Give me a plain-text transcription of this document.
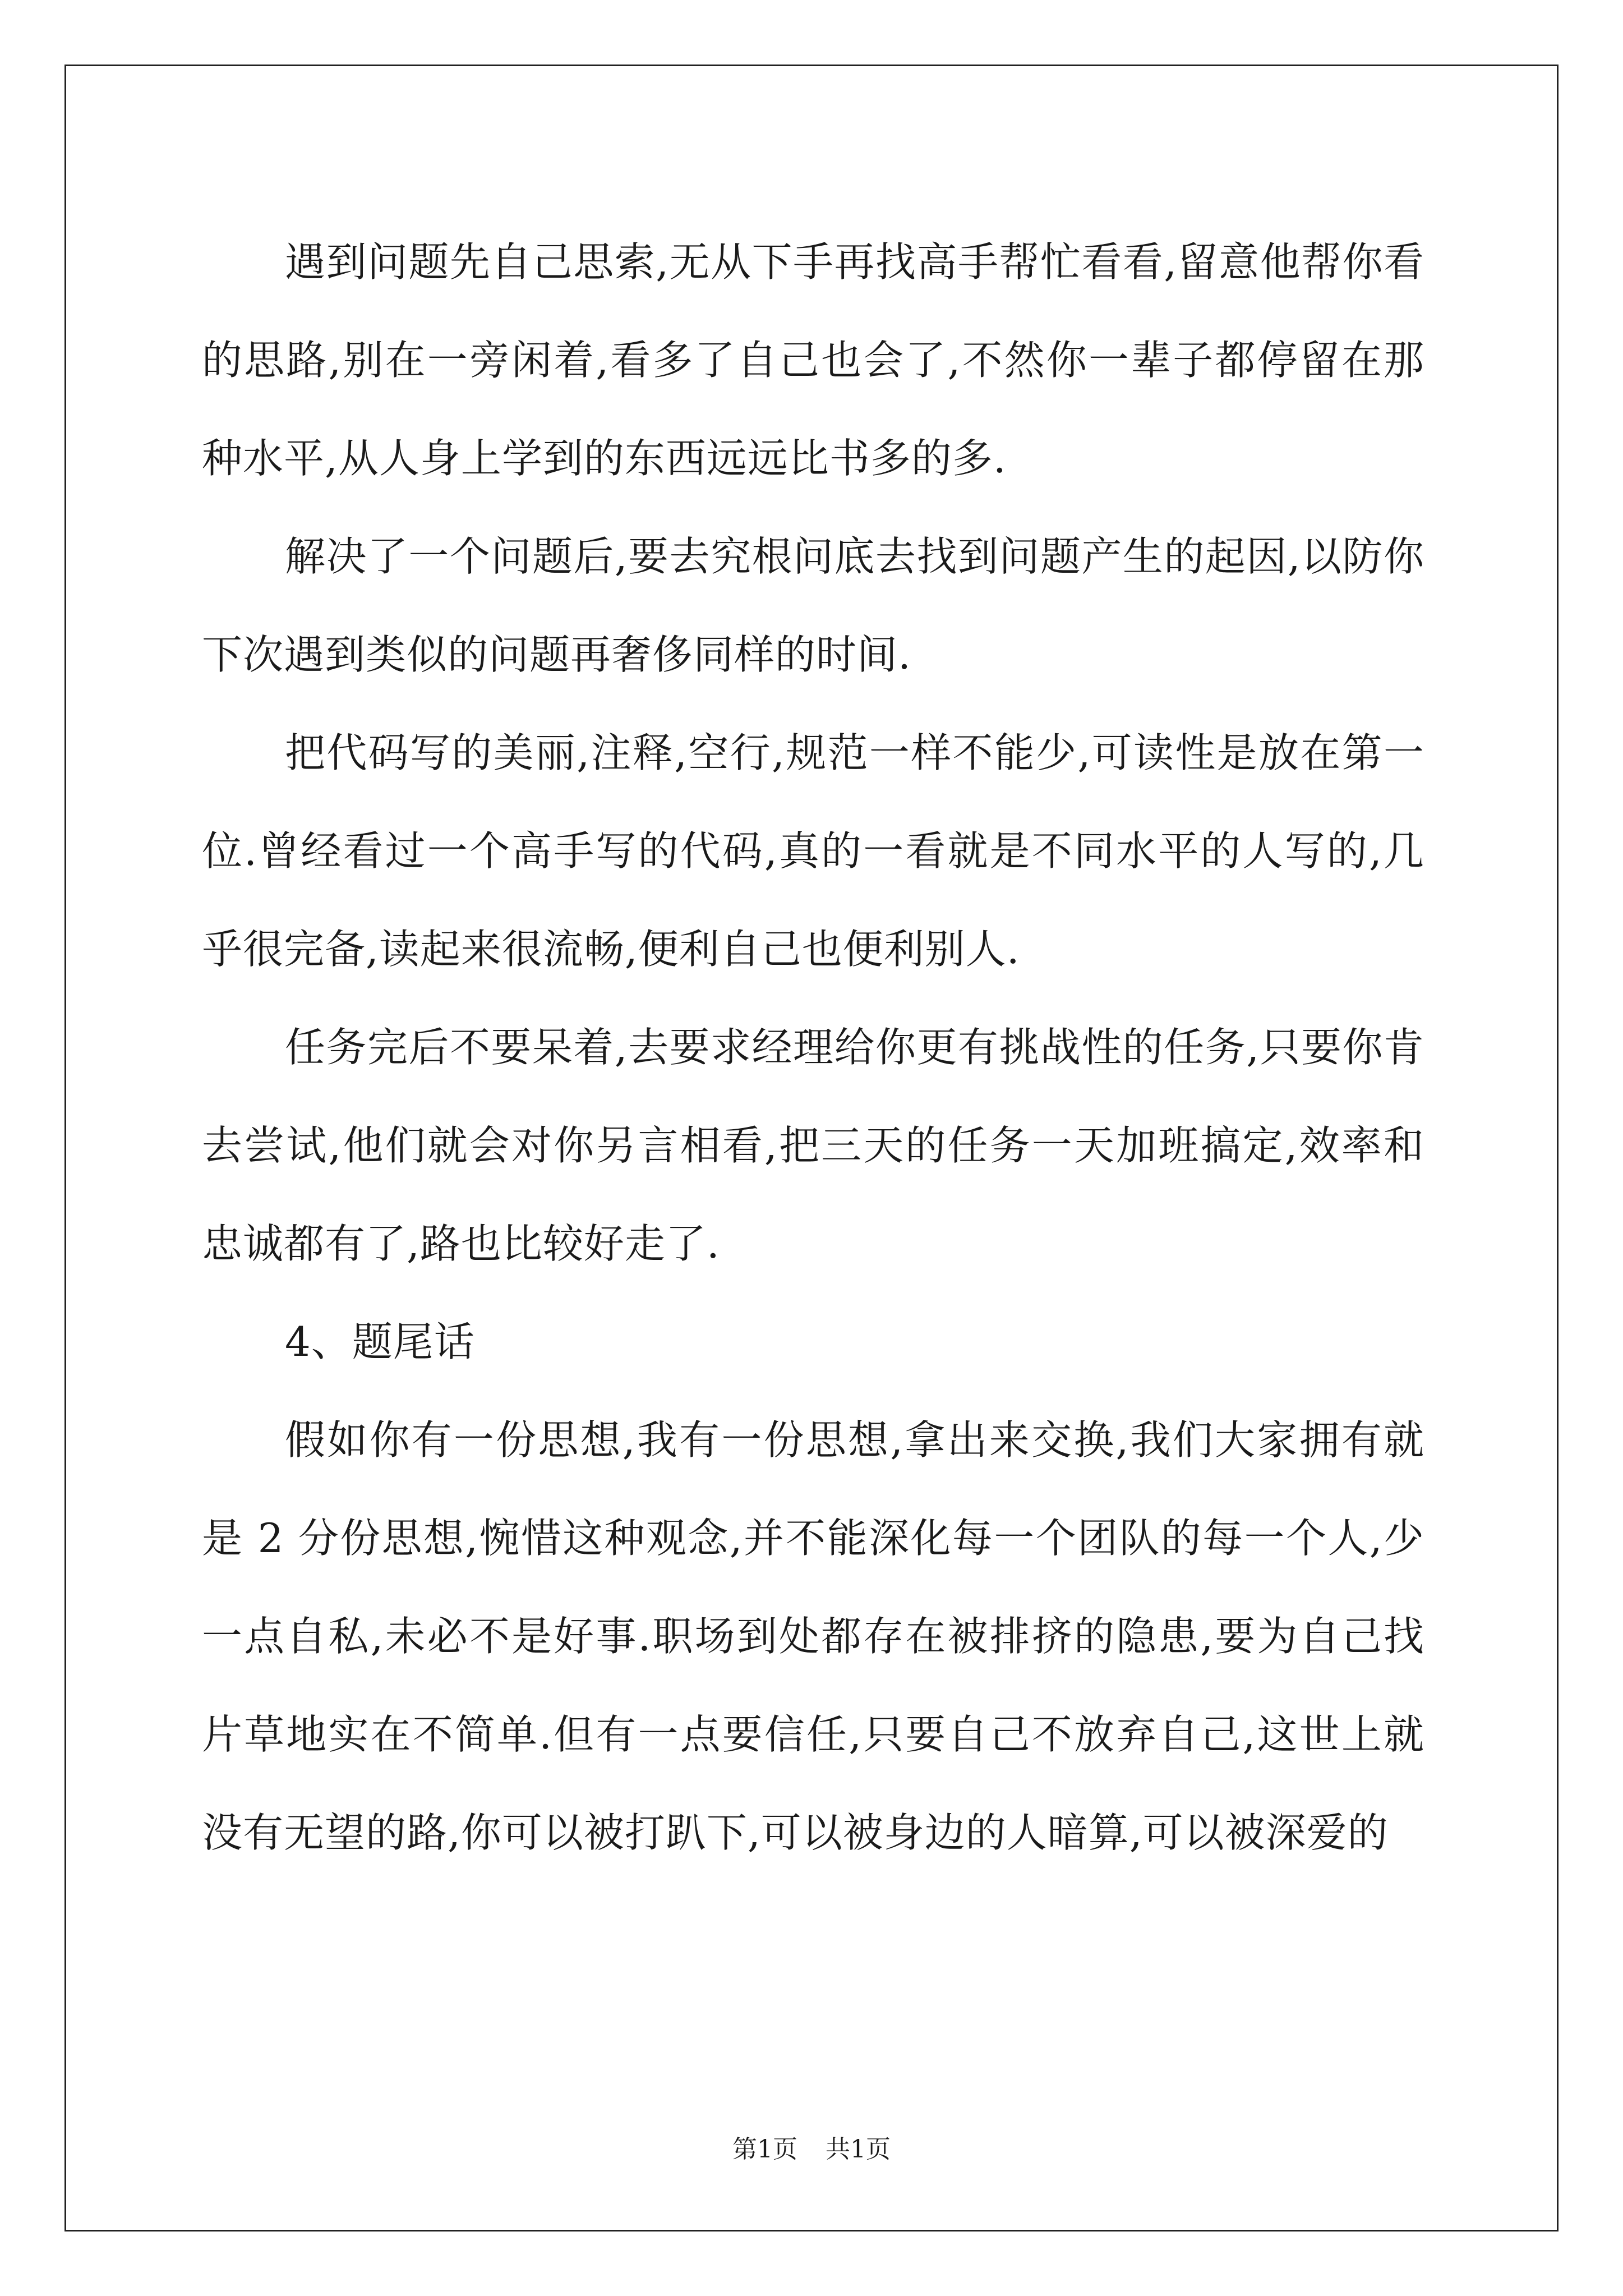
遇到问题先自己思索,无从下手再找高手帮忙看看,留意他帮你看的思路,别在一旁闲着,看多了自己也会了,不然你一辈子都停留在那种水平,从人身上学到的东西远远比书多的多.

解决了一个问题后,要去究根问底去找到问题产生的起因,以防你下次遇到类似的问题再奢侈同样的时间.

把代码写的美丽,注释,空行,规范一样不能少,可读性是放在第一位.曾经看过一个高手写的代码,真的一看就是不同水平的人写的,几乎很完备,读起来很流畅,便利自己也便利别人.

任务完后不要呆着,去要求经理给你更有挑战性的任务,只要你肯去尝试,他们就会对你另言相看,把三天的任务一天加班搞定,效率和忠诚都有了,路也比较好走了.

4、题尾话

假如你有一份思想,我有一份思想,拿出来交换,我们大家拥有就是 2 分份思想,惋惜这种观念,并不能深化每一个团队的每一个人,少一点自私,未必不是好事.职场到处都存在被排挤的隐患,要为自己找片草地实在不简单.但有一点要信任,只要自己不放弃自己,这世上就没有无望的路,你可以被打趴下,可以被身边的人暗算,可以被深爱的

第1页 共1页
